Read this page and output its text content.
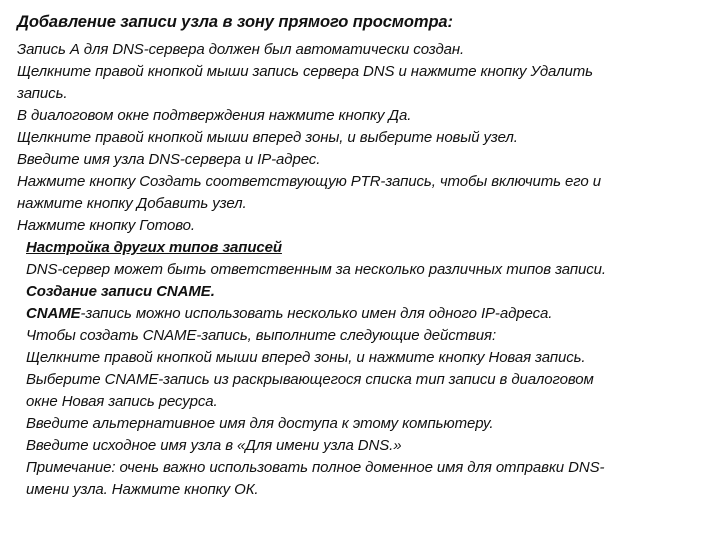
Добавление записи узла в зону прямого просмотра:
Запись А для DNS-сервера должен был автоматически создан.
Щелкните правой кнопкой мыши запись сервера DNS и нажмите кнопку Удалить
запись.
В диалоговом окне подтверждения нажмите кнопку Да.
Щелкните правой кнопкой мыши вперед зоны, и выберите новый узел.
Введите имя узла DNS-сервера и IP-адрес.
Нажмите кнопку Создать соответствующую PTR-запись, чтобы включить его и
нажмите кнопку Добавить узел.
Нажмите кнопку Готово.
Настройка других типов записей
DNS-сервер может быть ответственным за несколько различных типов записи.
Создание записи CNAME.
CNAME-запись можно использовать несколько имен для одного IP-адреса.
Чтобы создать CNAME-запись, выполните следующие действия:
Щелкните правой кнопкой мыши вперед зоны, и нажмите кнопку Новая запись.
Выберите CNAME-запись из раскрывающегося списка тип записи в диалоговом
окне Новая запись ресурса.
Введите альтернативное имя для доступа к этому компьютеру.
Введите исходное имя узла в «Для имени узла DNS.»
Примечание: очень важно использовать полное доменное имя для отправки DNS-
имени узла. Нажмите кнопку ОК.
